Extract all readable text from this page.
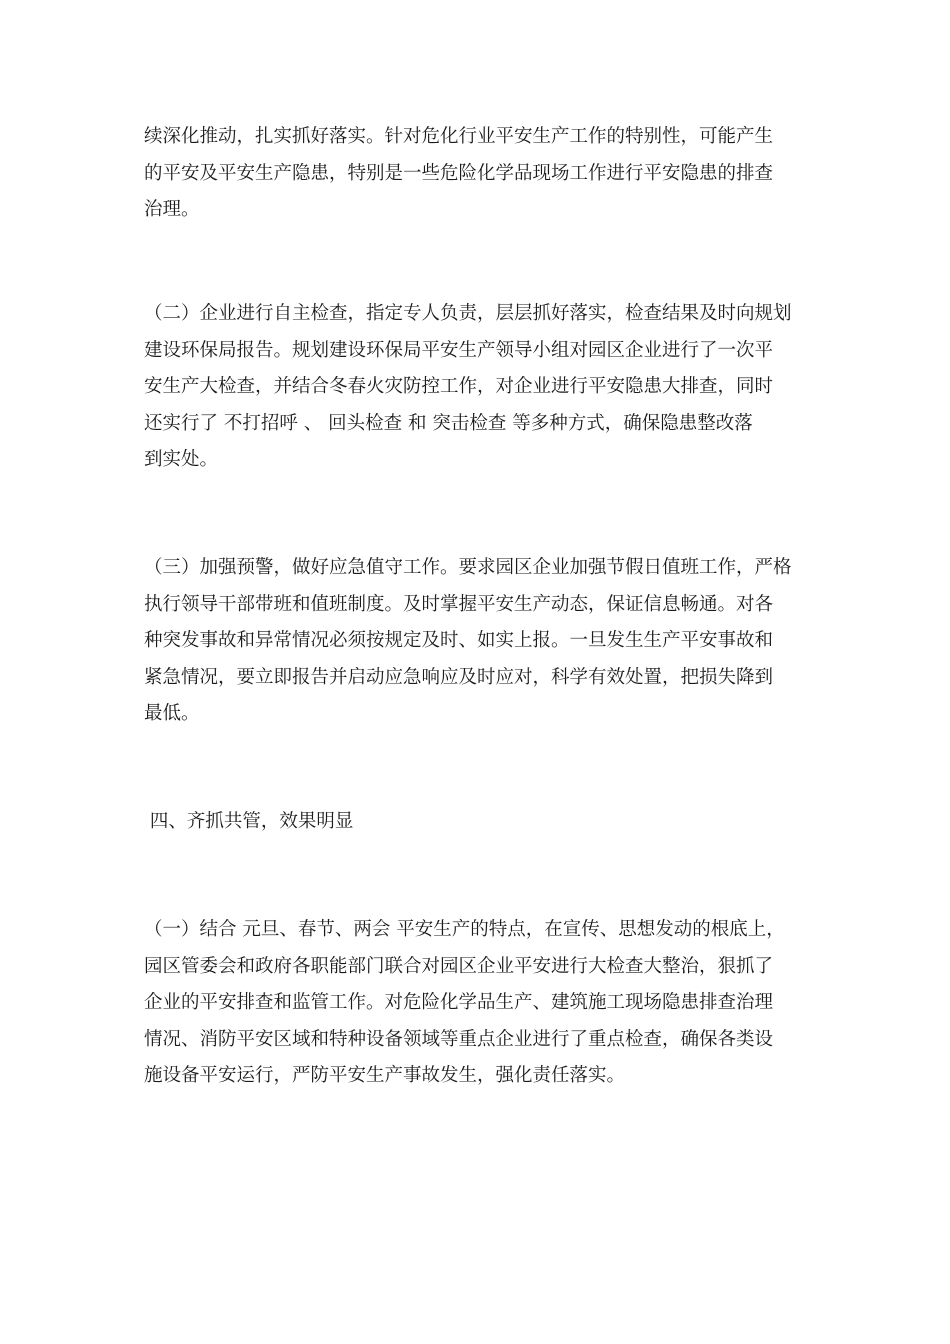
续深化推动，扎实抓好落实。针对危化行业平安生产工作的特别性，可能产生
的平安及平安生产隐患，特别是一些危险化学品现场工作进行平安隐患的排查
治理。
（二）企业进行自主检查，指定专人负责，层层抓好落实，检查结果及时向规划
建设环保局报告。规划建设环保局平安生产领导小组对园区企业进行了一次平
安生产大检查，并结合冬春火灾防控工作，对企业进行平安隐患大排查，同时
还实行了 不打招呼 、 回头检查 和 突击检查 等多种方式，确保隐患整改落
到实处。
（三）加强预警，做好应急值守工作。要求园区企业加强节假日值班工作，严格
执行领导干部带班和值班制度。及时掌握平安生产动态，保证信息畅通。对各
种突发事故和异常情况必须按规定及时、如实上报。一旦发生生产平安事故和
紧急情况，要立即报告并启动应急响应及时应对，科学有效处置，把损失降到
最低。
四、齐抓共管，效果明显
（一）结合 元旦、春节、两会 平安生产的特点，在宣传、思想发动的根底上，
园区管委会和政府各职能部门联合对园区企业平安进行大检查大整治，狠抓了
企业的平安排查和监管工作。对危险化学品生产、建筑施工现场隐患排查治理
情况、消防平安区域和特种设备领域等重点企业进行了重点检查，确保各类设
施设备平安运行，严防平安生产事故发生，强化责任落实。
